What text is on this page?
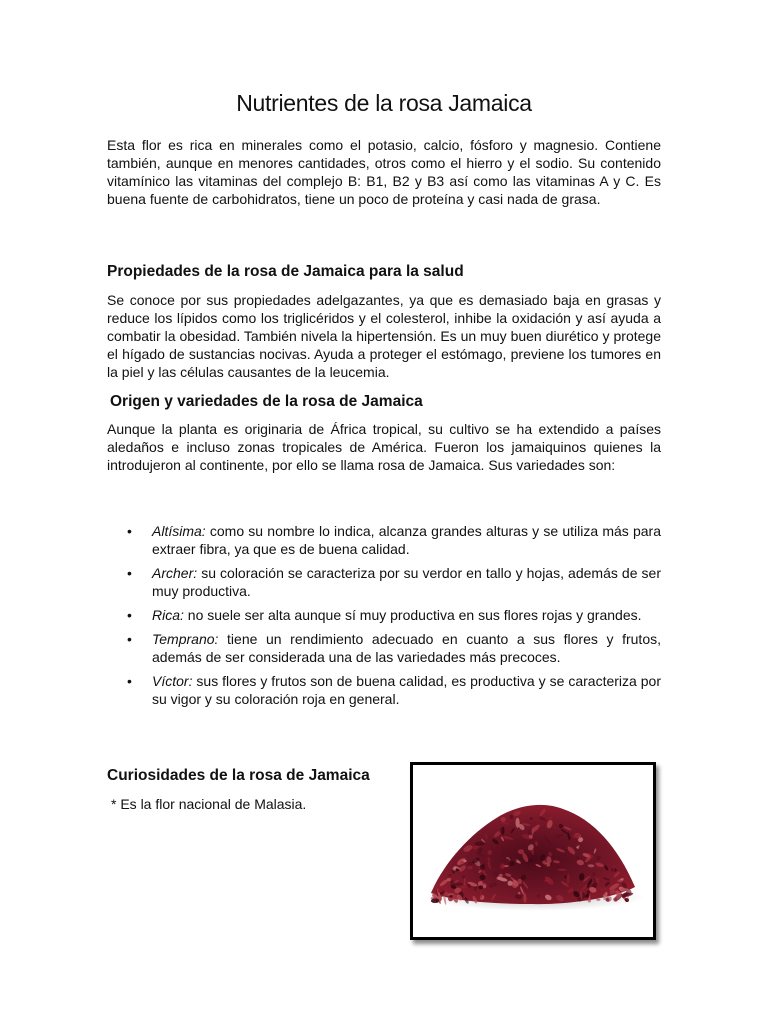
Nutrientes de la rosa Jamaica

Esta flor es rica en minerales como el potasio, calcio, fósforo y magnesio. Contiene también, aunque en menores cantidades, otros como el hierro y el sodio. Su contenido vitamínico las vitaminas del complejo B: B1, B2 y B3 así como las vitaminas A y C. Es buena fuente de carbohidratos, tiene un poco de proteína y casi nada de grasa.

Propiedades de la rosa de Jamaica para la salud

Se conoce por sus propiedades adelgazantes, ya que es demasiado baja en grasas y reduce los lípidos como los triglicéridos y el colesterol, inhibe la oxidación y así ayuda a combatir la obesidad. También nivela la hipertensión. Es un muy buen diurético y protege el hígado de sustancias nocivas. Ayuda a proteger el estómago, previene los tumores en la piel y las células causantes de la leucemia.

Origen y variedades de la rosa de Jamaica

Aunque la planta es originaria de África tropical, su cultivo se ha extendido a países aledaños e incluso zonas tropicales de América. Fueron los jamaiquinos quienes la introdujeron al continente, por ello se llama rosa de Jamaica. Sus variedades son:

• Altísima: como su nombre lo indica, alcanza grandes alturas y se utiliza más para extraer fibra, ya que es de buena calidad.
• Archer: su coloración se caracteriza por su verdor en tallo y hojas, además de ser muy productiva.
• Rica: no suele ser alta aunque sí muy productiva en sus flores rojas y grandes.
• Temprano: tiene un rendimiento adecuado en cuanto a sus flores y frutos, además de ser considerada una de las variedades más precoces.
• Víctor: sus flores y frutos son de buena calidad, es productiva y se caracteriza por su vigor y su coloración roja en general.
Curiosidades de la rosa de Jamaica

* Es la flor nacional de Malasia.
